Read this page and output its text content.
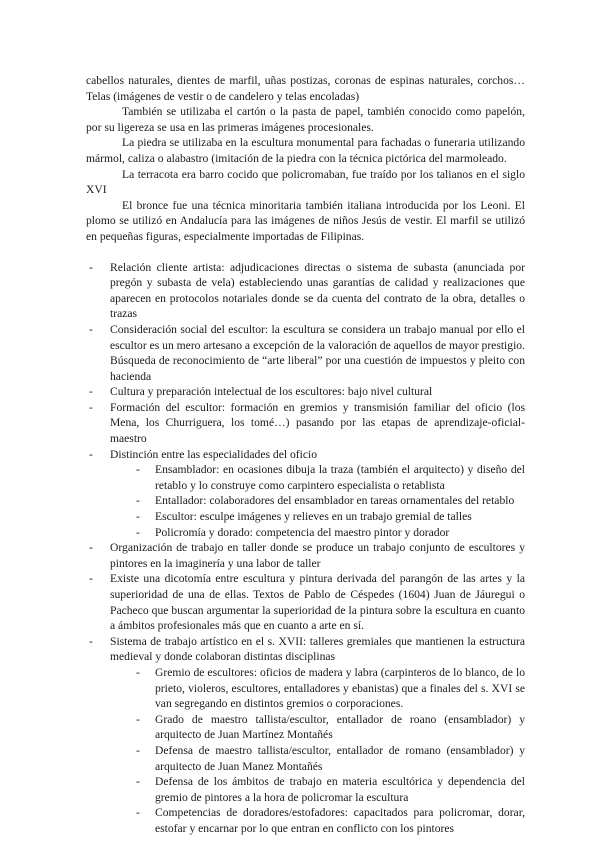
cabellos naturales, dientes de marfil, uñas postizas, coronas de espinas naturales, corchos… Telas (imágenes de vestir o de candelero y telas encoladas)

También se utilizaba el cartón o la pasta de papel, también conocido como papelón, por su ligereza se usa en las primeras imágenes procesionales.

La piedra se utilizaba en la escultura monumental para fachadas o funeraria utilizando mármol, caliza o alabastro (imitación de la piedra con la técnica pictórica del marmoleado.

La terracota era barro cocido que policromaban, fue traído por los talianos en el siglo XVI

El bronce fue una técnica minoritaria también italiana introducida por los Leoni. El plomo se utilizó en Andalucía para las imágenes de niños Jesús de vestir. El marfil se utilizó en pequeñas figuras, especialmente importadas de Filipinas.

- Relación cliente artista: adjudicaciones directas o sistema de subasta (anunciada por pregón y subasta de vela) estableciendo unas garantías de calidad y realizaciones que aparecen en protocolos notariales donde se da cuenta del contrato de la obra, detalles o trazas
- Consideración social del escultor: la escultura se considera un trabajo manual por ello el escultor es un mero artesano a excepción de la valoración de aquellos de mayor prestigio. Búsqueda de reconocimiento de “arte liberal” por una cuestión de impuestos y pleito con hacienda
- Cultura y preparación intelectual de los escultores: bajo nivel cultural
- Formación del escultor: formación en gremios y transmisión familiar del oficio (los Mena, los Churriguera, los tomé…) pasando por las etapas de aprendizaje-oficial-maestro
- Distinción entre las especialidades del oficio
- Ensamblador: en ocasiones dibuja la traza (también el arquitecto) y diseño del retablo y lo construye como carpintero especialista o retablista
- Entallador: colaboradores del ensamblador en tareas ornamentales del retablo
- Escultor: esculpe imágenes y relieves en un trabajo gremial de talles
- Policromía y dorado: competencia del maestro pintor y dorador
- Organización de trabajo en taller donde se produce un trabajo conjunto de escultores y pintores en la imaginería y una labor de taller
- Existe una dicotomía entre escultura y pintura derivada del parangón de las artes y la superioridad de una de ellas. Textos de Pablo de Céspedes (1604) Juan de Jáuregui o Pacheco que buscan argumentar la superioridad de la pintura sobre la escultura en cuanto a ámbitos profesionales más que en cuanto a arte en sí.
- Sistema de trabajo artístico en el s. XVII: talleres gremiales que mantienen la estructura medieval y donde colaboran distintas disciplinas
- Gremio de escultores: oficios de madera y labra (carpinteros de lo blanco, de lo prieto, violeros, escultores, entalladores y ebanistas) que a finales del s. XVI se van segregando en distintos gremios o corporaciones.
- Grado de maestro tallista/escultor, entallador de roano (ensamblador) y arquitecto de Juan Martínez Montañés
- Defensa de maestro tallista/escultor, entallador de romano (ensamblador) y arquitecto de Juan Manez Montañés
- Defensa de los ámbitos de trabajo en materia escultórica y dependencia del gremio de pintores a la hora de policromar la escultura
- Competencias de doradores/estofadores: capacitados para policromar, dorar, estofar y encarnar por lo que entran en conflicto con los pintores
